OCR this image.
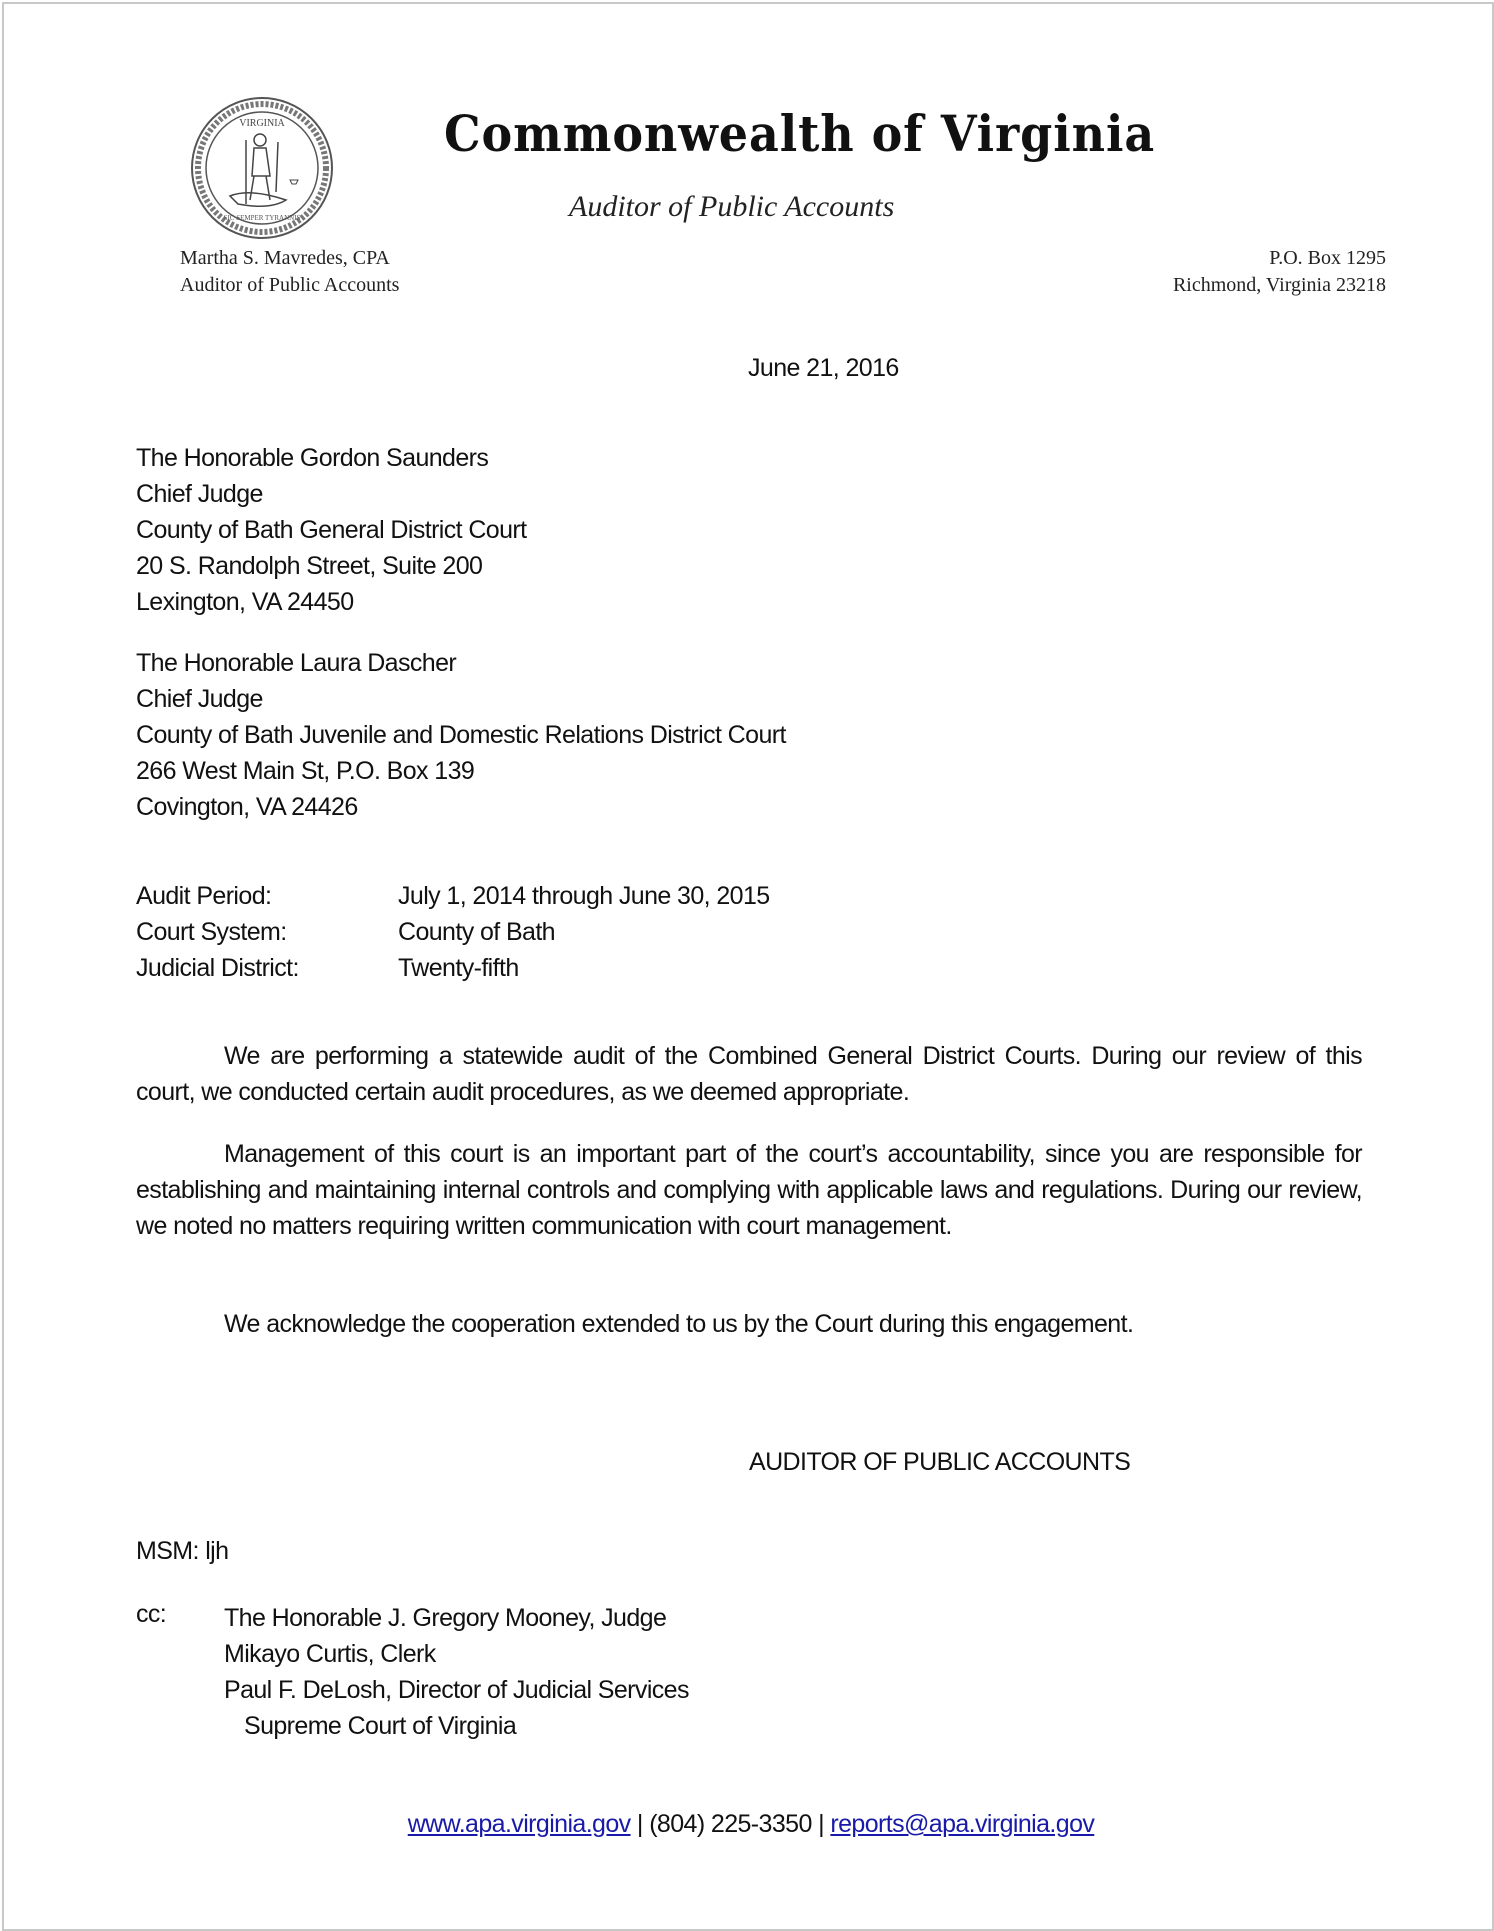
VIRGINIA
SIC SEMPER TYRANNIS
Commonwealth of Virginia
Auditor of Public Accounts
Martha S. Mavredes, CPA
Auditor of Public Accounts
P.O. Box 1295
Richmond, Virginia 23218
June 21, 2016
The Honorable Gordon Saunders
Chief Judge
County of Bath General District Court
20 S. Randolph Street, Suite 200
Lexington, VA 24450
The Honorable Laura Dascher
Chief Judge
County of Bath Juvenile and Domestic Relations District Court
266 West Main St, P.O. Box 139
Covington, VA 24426
Audit Period:	July 1, 2014 through June 30, 2015
Court System:	County of Bath
Judicial District:	Twenty-fifth
We are performing a statewide audit of the Combined General District Courts. During our review of this court, we conducted certain audit procedures, as we deemed appropriate.
Management of this court is an important part of the court’s accountability, since you are responsible for establishing and maintaining internal controls and complying with applicable laws and regulations. During our review, we noted no matters requiring written communication with court management.
We acknowledge the cooperation extended to us by the Court during this engagement.
AUDITOR OF PUBLIC ACCOUNTS
MSM: ljh
cc: The Honorable J. Gregory Mooney, Judge
Mikayo Curtis, Clerk
Paul F. DeLosh, Director of Judicial Services
Supreme Court of Virginia
www.apa.virginia.gov | (804) 225-3350 | reports@apa.virginia.gov
